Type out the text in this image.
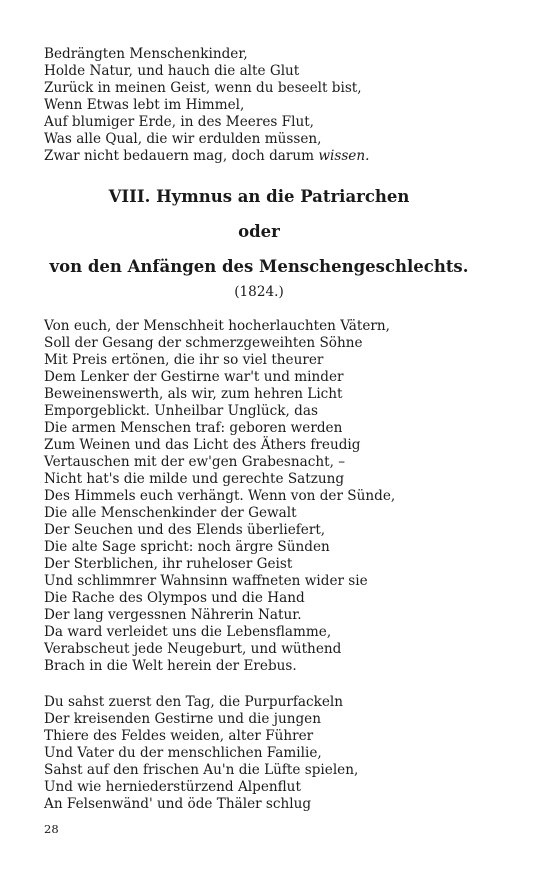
Bedrängten Menschenkinder,
Holde Natur, und hauch die alte Glut
Zurück in meinen Geist, wenn du beseelt bist,
Wenn Etwas lebt im Himmel,
Auf blumiger Erde, in des Meeres Flut,
Was alle Qual, die wir erdulden müssen,
Zwar nicht bedauern mag, doch darum wissen.
VIII. Hymnus an die Patriarchen
oder
von den Anfängen des Menschengeschlechts.
(1824.)
Von euch, der Menschheit hocherlauchten Vätern,
Soll der Gesang der schmerzgeweihten Söhne
Mit Preis ertönen, die ihr so viel theurer
Dem Lenker der Gestirne war't und minder
Beweinenswerth, als wir, zum hehren Licht
Emporgeblickt. Unheilbar Unglück, das
Die armen Menschen traf: geboren werden
Zum Weinen und das Licht des Äthers freudig
Vertauschen mit der ew'gen Grabesnacht, –
Nicht hat's die milde und gerechte Satzung
Des Himmels euch verhängt. Wenn von der Sünde,
Die alle Menschenkinder der Gewalt
Der Seuchen und des Elends überliefert,
Die alte Sage spricht: noch ärgre Sünden
Der Sterblichen, ihr ruheloser Geist
Und schlimmrer Wahnsinn waffneten wider sie
Die Rache des Olympos und die Hand
Der lang vergessnen Nährerin Natur.
Da ward verleidet uns die Lebensflamme,
Verabscheut jede Neugeburt, und wüthend
Brach in die Welt herein der Erebus.
Du sahst zuerst den Tag, die Purpurfackeln
Der kreisenden Gestirne und die jungen
Thiere des Feldes weiden, alter Führer
Und Vater du der menschlichen Familie,
Sahst auf den frischen Au'n die Lüfte spielen,
Und wie herniederstürzend Alpenflut
An Felsenwänd' und öde Thäler schlug
28
